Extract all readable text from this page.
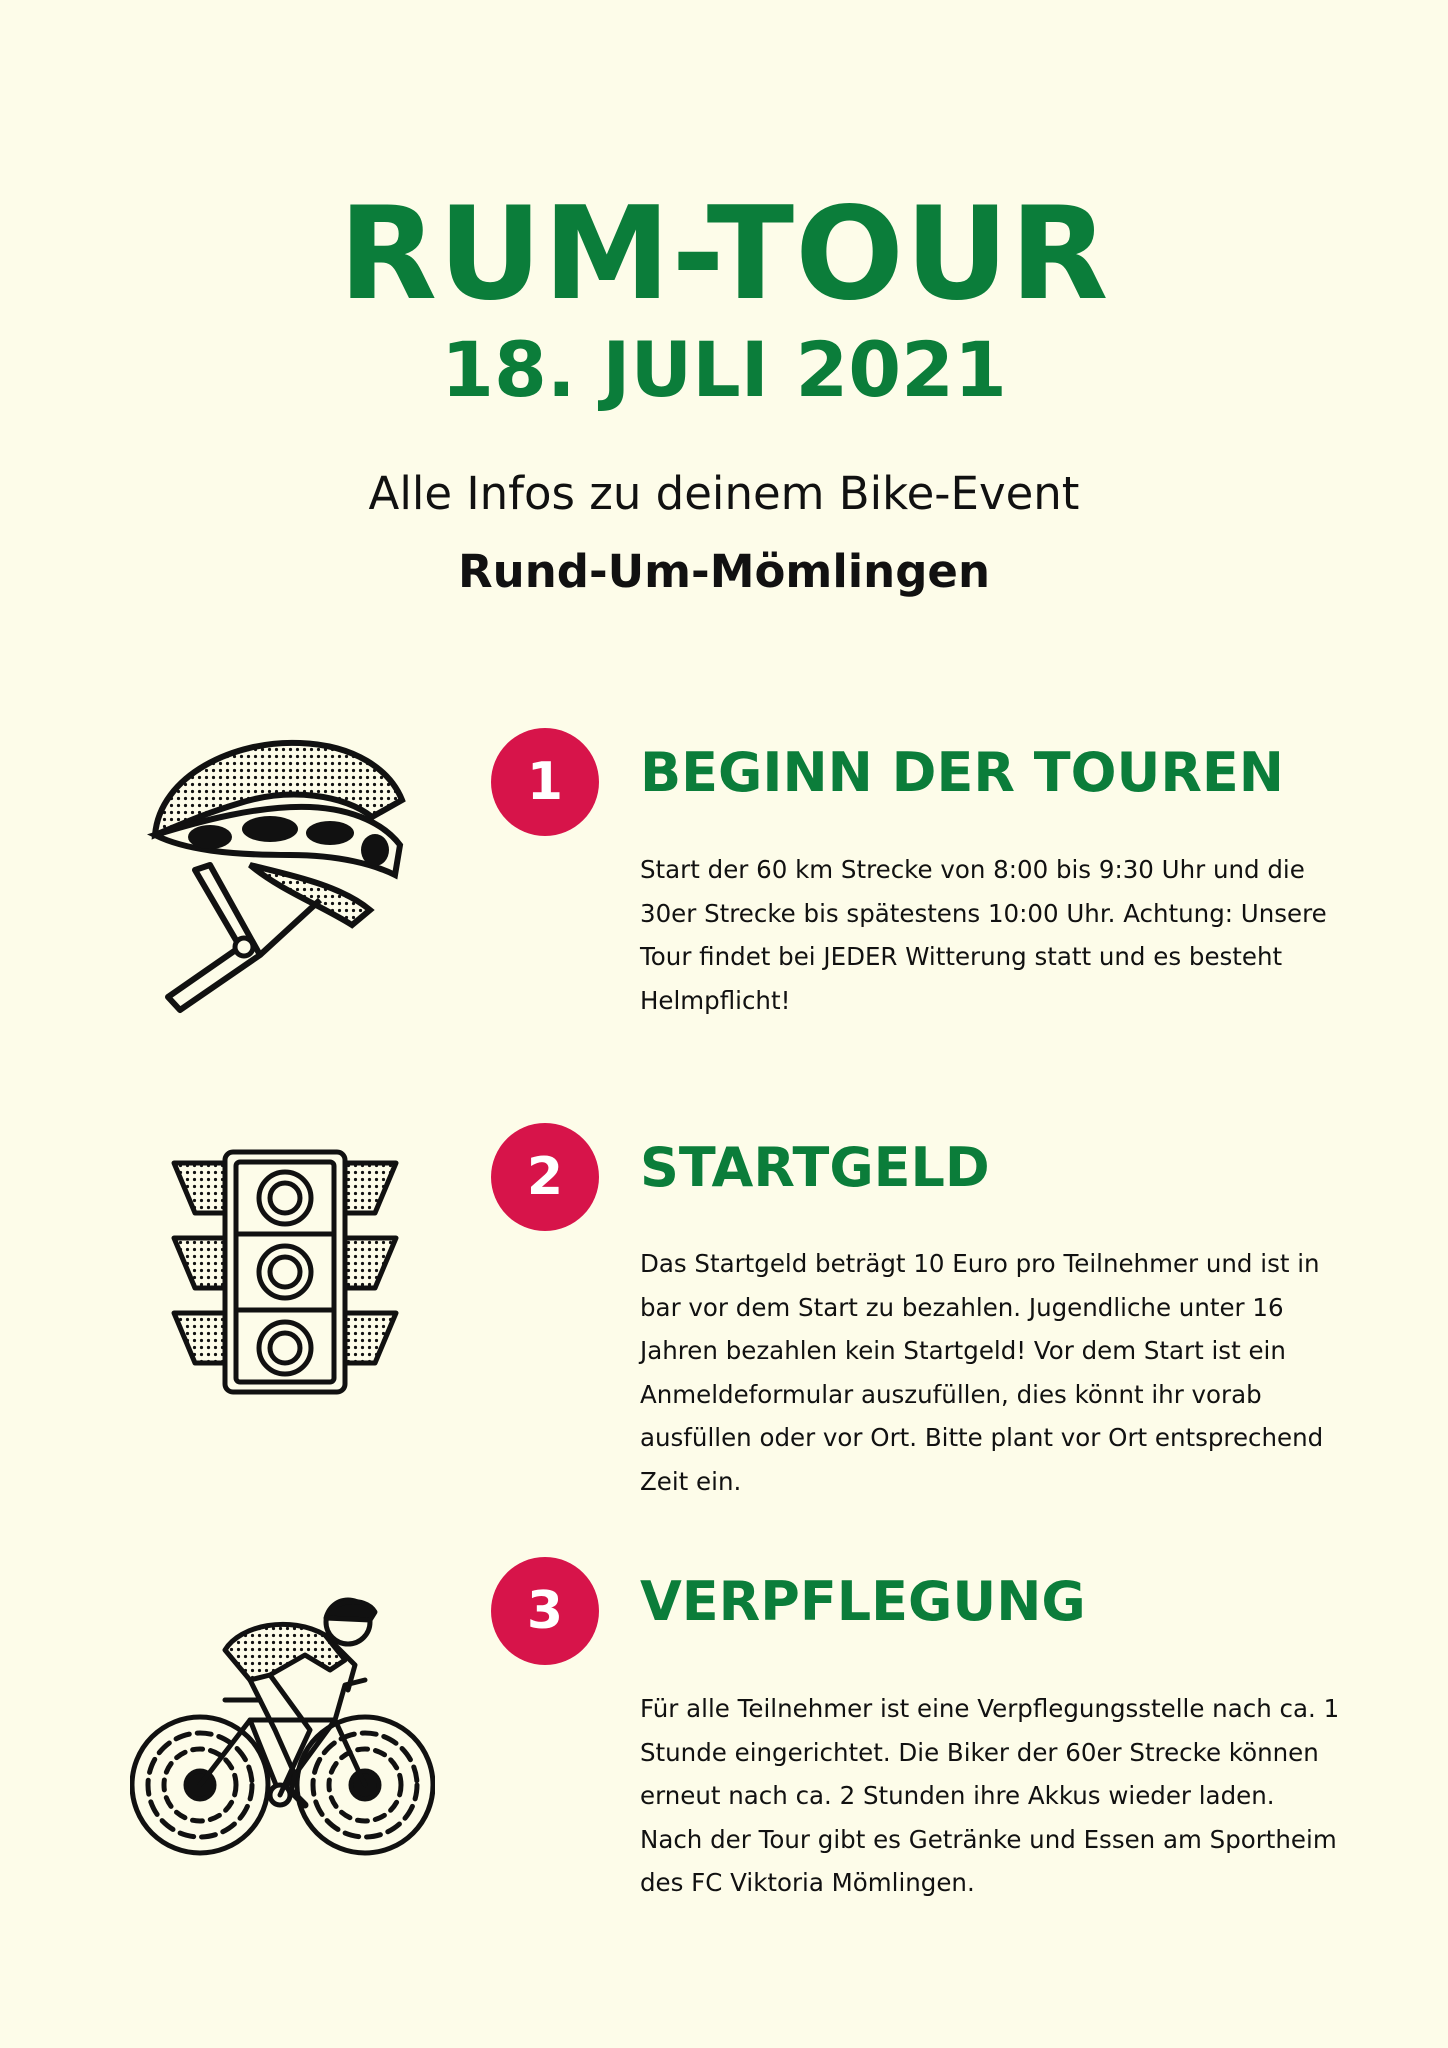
RUM-TOUR
18. JULI 2021
Alle Infos zu deinem Bike-Event
Rund-Um-Mömlingen
1	BEGINN DER TOUREN
Start der 60 km Strecke von 8:00 bis 9:30 Uhr und die 30er Strecke bis spätestens 10:00 Uhr. Achtung: Unsere Tour findet bei JEDER Witterung statt und es besteht Helmpflicht!
2	STARTGELD
Das Startgeld beträgt 10 Euro pro Teilnehmer und ist in bar vor dem Start zu bezahlen. Jugendliche unter 16 Jahren bezahlen kein Startgeld! Vor dem Start ist ein Anmeldeformular auszufüllen, dies könnt ihr vorab ausfüllen oder vor Ort. Bitte plant vor Ort entsprechend Zeit ein.
3	VERPFLEGUNG
Für alle Teilnehmer ist eine Verpflegungsstelle nach ca. 1 Stunde eingerichtet. Die Biker der 60er Strecke können erneut nach ca. 2 Stunden ihre Akkus wieder laden. Nach der Tour gibt es Getränke und Essen am Sportheim des FC Viktoria Mömlingen.
